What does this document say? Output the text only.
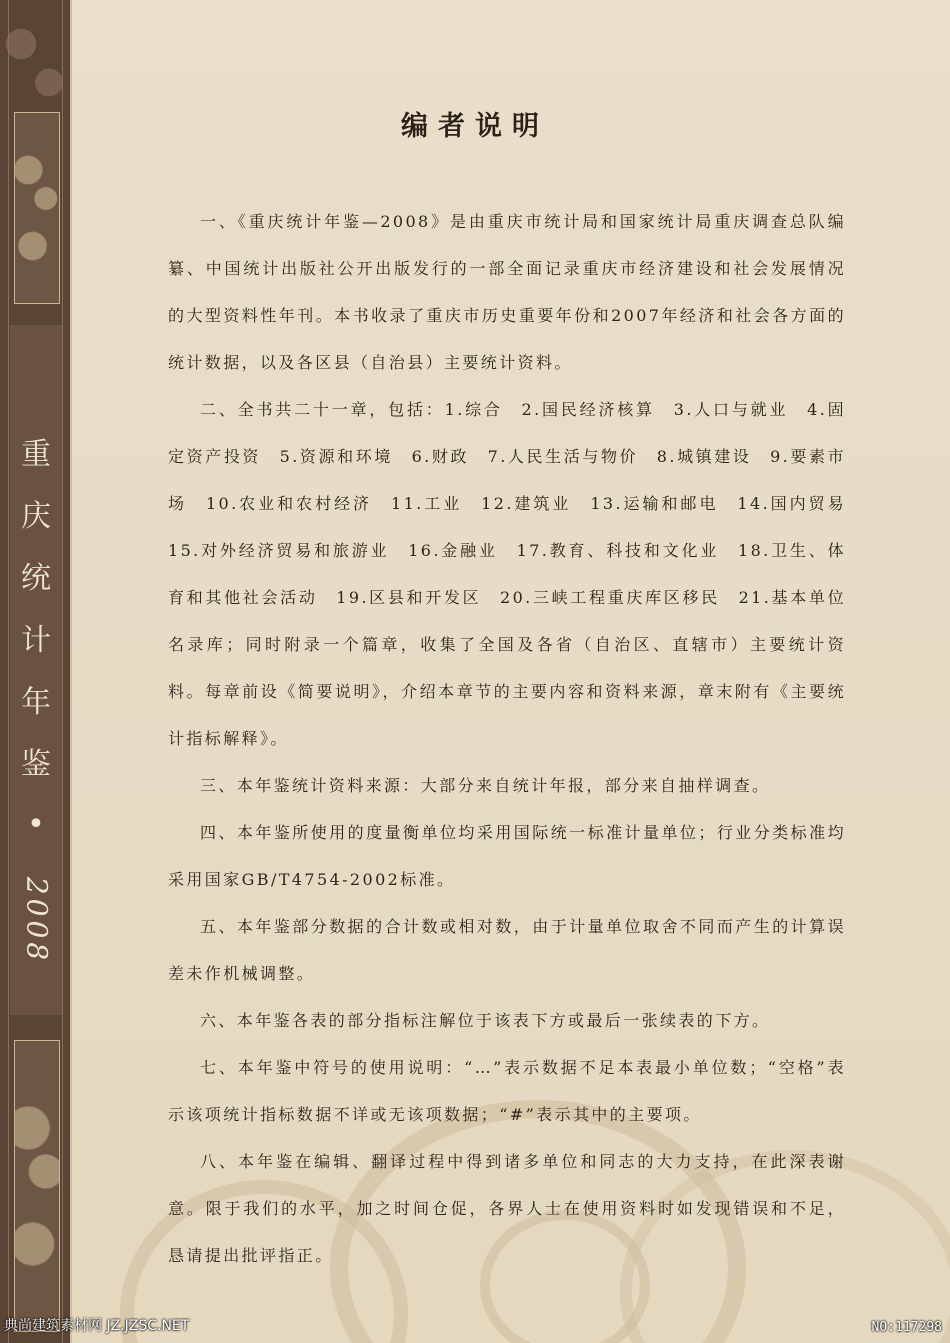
重
庆
统
计
年
鉴
•
2008
编者说明

一、《重庆统计年鉴—2008》是由重庆市统计局和国家统计局重庆调查总队编纂、中国统计出版社公开出版发行的一部全面记录重庆市经济建设和社会发展情况的大型资料性年刊。本书收录了重庆市历史重要年份和2007年经济和社会各方面的统计数据，以及各区县（自治县）主要统计资料。

二、全书共二十一章，包括：1.综合　2.国民经济核算　3.人口与就业　4.固定资产投资　5.资源和环境　6.财政　7.人民生活与物价　8.城镇建设　9.要素市场　10.农业和农村经济　11.工业　12.建筑业　13.运输和邮电　14.国内贸易　15.对外经济贸易和旅游业　16.金融业　17.教育、科技和文化业　18.卫生、体育和其他社会活动　19.区县和开发区　20.三峡工程重庆库区移民　21.基本单位名录库；同时附录一个篇章，收集了全国及各省（自治区、直辖市）主要统计资料。每章前设《简要说明》，介绍本章节的主要内容和资料来源，章末附有《主要统计指标解释》。

三、本年鉴统计资料来源：大部分来自统计年报，部分来自抽样调查。

四、本年鉴所使用的度量衡单位均采用国际统一标准计量单位；行业分类标准均采用国家GB/T4754-2002标准。

五、本年鉴部分数据的合计数或相对数，由于计量单位取舍不同而产生的计算误差未作机械调整。

六、本年鉴各表的部分指标注解位于该表下方或最后一张续表的下方。

七、本年鉴中符号的使用说明：“…”表示数据不足本表最小单位数；“空格”表示该项统计指标数据不详或无该项数据；“#”表示其中的主要项。

八、本年鉴在编辑、翻译过程中得到诸多单位和同志的大力支持，在此深表谢意。限于我们的水平，加之时间仓促，各界人士在使用资料时如发现错误和不足，恳请提出批评指正。

典尚建筑素材网 JZ.JZSC.NET	NO:117298
